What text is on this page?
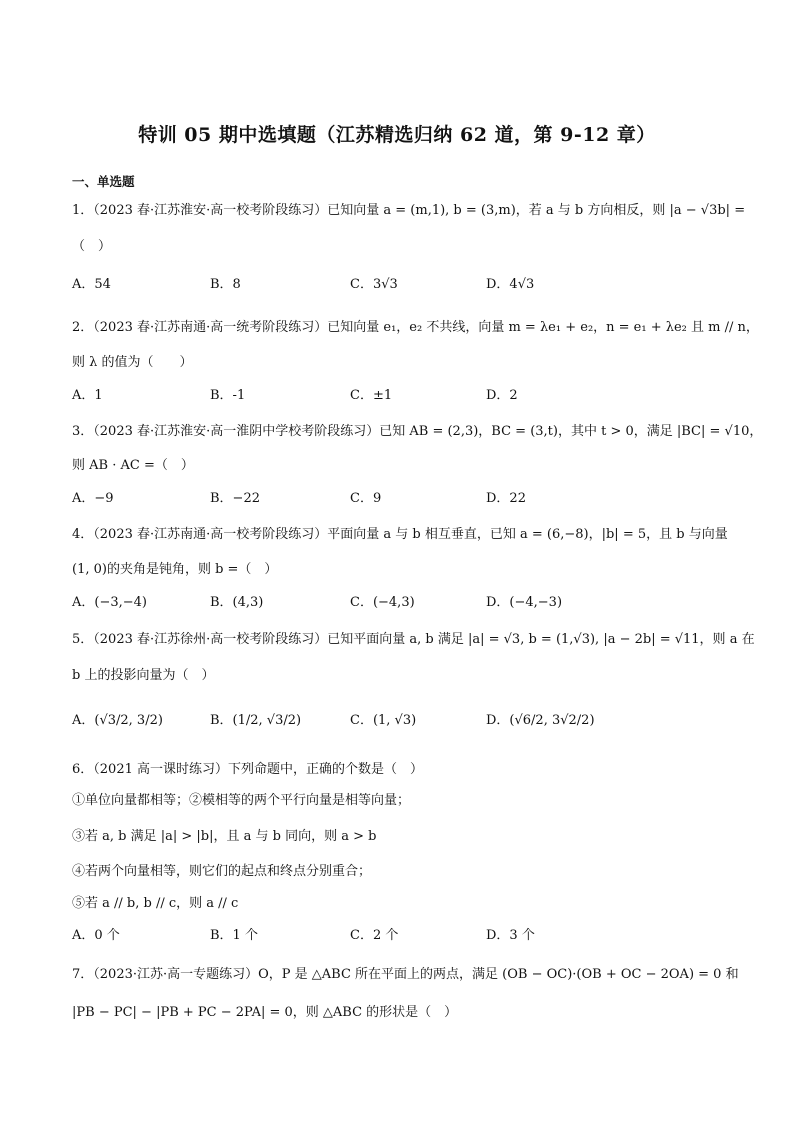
特训 05 期中选填题（江苏精选归纳 62 道，第 9-12 章）
一、单选题
1．（2023 春·江苏淮安·高一校考阶段练习）已知向量 a = (m,1), b = (3,m)，若 a 与 b 方向相反，则 |a − √3b| =
（　）
A．54	B．8	C．3√3	D．4√3
2．（2023 春·江苏南通·高一统考阶段练习）已知向量 e₁，e₂ 不共线，向量 m = λe₁ + e₂，n = e₁ + λe₂ 且 m // n，
则 λ 的值为（　　）
A．1	B．-1	C．±1	D．2
3．（2023 春·江苏淮安·高一淮阴中学校考阶段练习）已知 AB = (2,3)，BC = (3,t)，其中 t > 0，满足 |BC| = √10，
则 AB · AC =（　）
A．−9	B．−22	C．9	D．22
4．（2023 春·江苏南通·高一校考阶段练习）平面向量 a 与 b 相互垂直，已知 a = (6,−8)，|b| = 5，且 b 与向量
(1, 0)的夹角是钝角，则 b =（　）
A．(−3,−4)	B．(4,3)	C．(−4,3)	D．(−4,−3)
5．（2023 春·江苏徐州·高一校考阶段练习）已知平面向量 a, b 满足 |a| = √3, b = (1,√3), |a − 2b| = √11，则 a 在
b 上的投影向量为（　）
A．(√3/2, 3/2)	B．(1/2, √3/2)	C．(1, √3)	D．(√6/2, 3√2/2)
6．（2021 高一课时练习）下列命题中，正确的个数是（　）
①单位向量都相等；②模相等的两个平行向量是相等向量；
③若 a, b 满足 |a| > |b|，且 a 与 b 同向，则 a > b
④若两个向量相等，则它们的起点和终点分别重合；
⑤若 a // b, b // c，则 a // c
A．0 个	B．1 个	C．2 个	D．3 个
7．（2023·江苏·高一专题练习）O，P 是 △ABC 所在平面上的两点，满足 (OB − OC)·(OB + OC − 2OA) = 0 和
|PB − PC| − |PB + PC − 2PA| = 0，则 △ABC 的形状是（　）
